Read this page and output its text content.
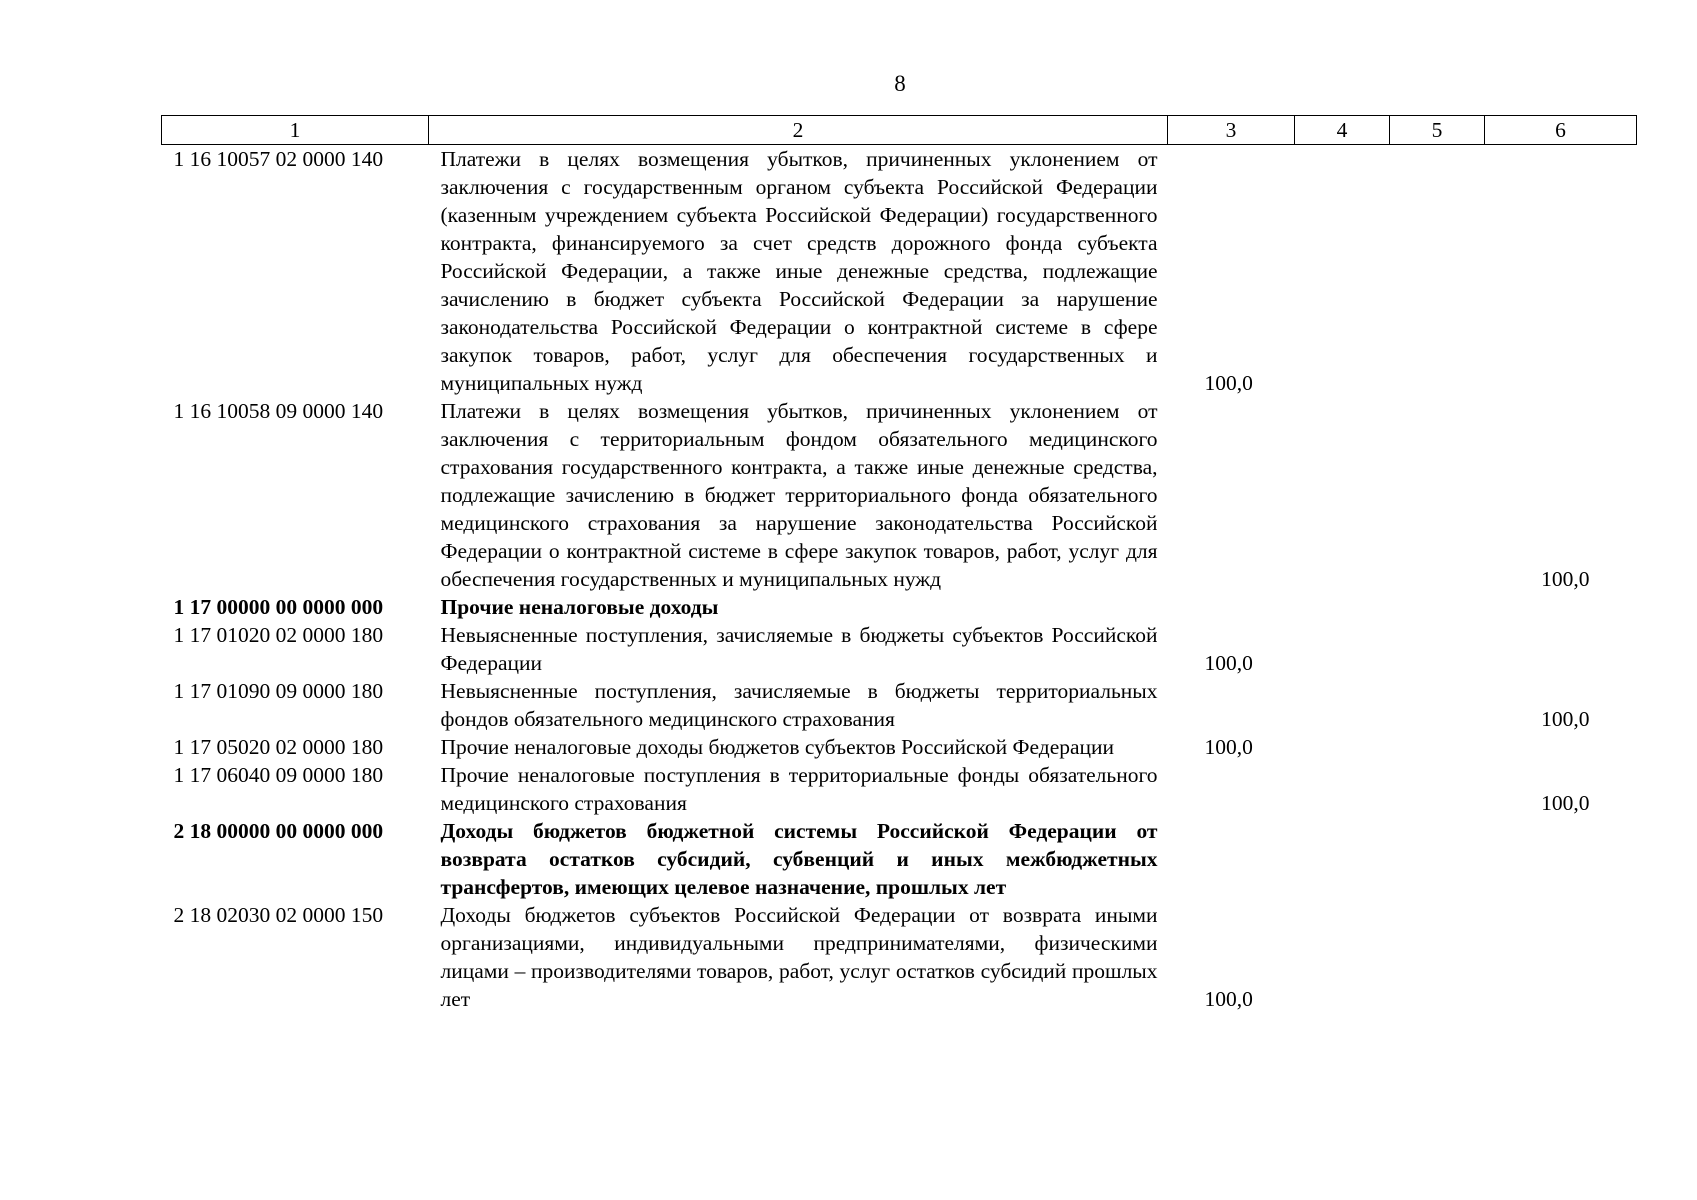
8
1	2	3	4	5	6
1 16 10057 02 0000 140	Платежи в целях возмещения убытков, причиненных уклонением от заключения с государственным органом субъекта Российской Федерации (казенным учреждением субъекта Российской Федерации) государственного контракта, финансируемого за счет средств дорожного фонда субъекта Российской Федерации, а также иные денежные средства, подлежащие зачислению в бюджет субъекта Российской Федерации за нарушение законодательства Российской Федерации о контрактной системе в сфере закупок товаров, работ, услуг для обеспечения государственных и муниципальных нужд	100,0			
1 16 10058 09 0000 140	Платежи в целях возмещения убытков, причиненных уклонением от заключения с территориальным фондом обязательного медицинского страхования государственного контракта, а также иные денежные средства, подлежащие зачислению в бюджет территориального фонда обязательного медицинского страхования за нарушение законодательства Российской Федерации о контрактной системе в сфере закупок товаров, работ, услуг для обеспечения государственных и муниципальных нужд				100,0
1 17 00000 00 0000 000	Прочие неналоговые доходы				
1 17 01020 02 0000 180	Невыясненные поступления, зачисляемые в бюджеты субъектов Российской Федерации	100,0			
1 17 01090 09 0000 180	Невыясненные поступления, зачисляемые в бюджеты территориальных фондов обязательного медицинского страхования				100,0
1 17 05020 02 0000 180	Прочие неналоговые доходы бюджетов субъектов Российской Федерации	100,0			
1 17 06040 09 0000 180	Прочие неналоговые поступления в территориальные фонды обязательного медицинского страхования				100,0
2 18 00000 00 0000 000	Доходы бюджетов бюджетной системы Российской Федерации от возврата остатков субсидий, субвенций и иных межбюджетных трансфертов, имеющих целевое назначение, прошлых лет				
2 18 02030 02 0000 150	Доходы бюджетов субъектов Российской Федерации от возврата иными организациями, индивидуальными предпринимателями, физическими лицами – производителями товаров, работ, услуг остатков субсидий прошлых лет	100,0			
